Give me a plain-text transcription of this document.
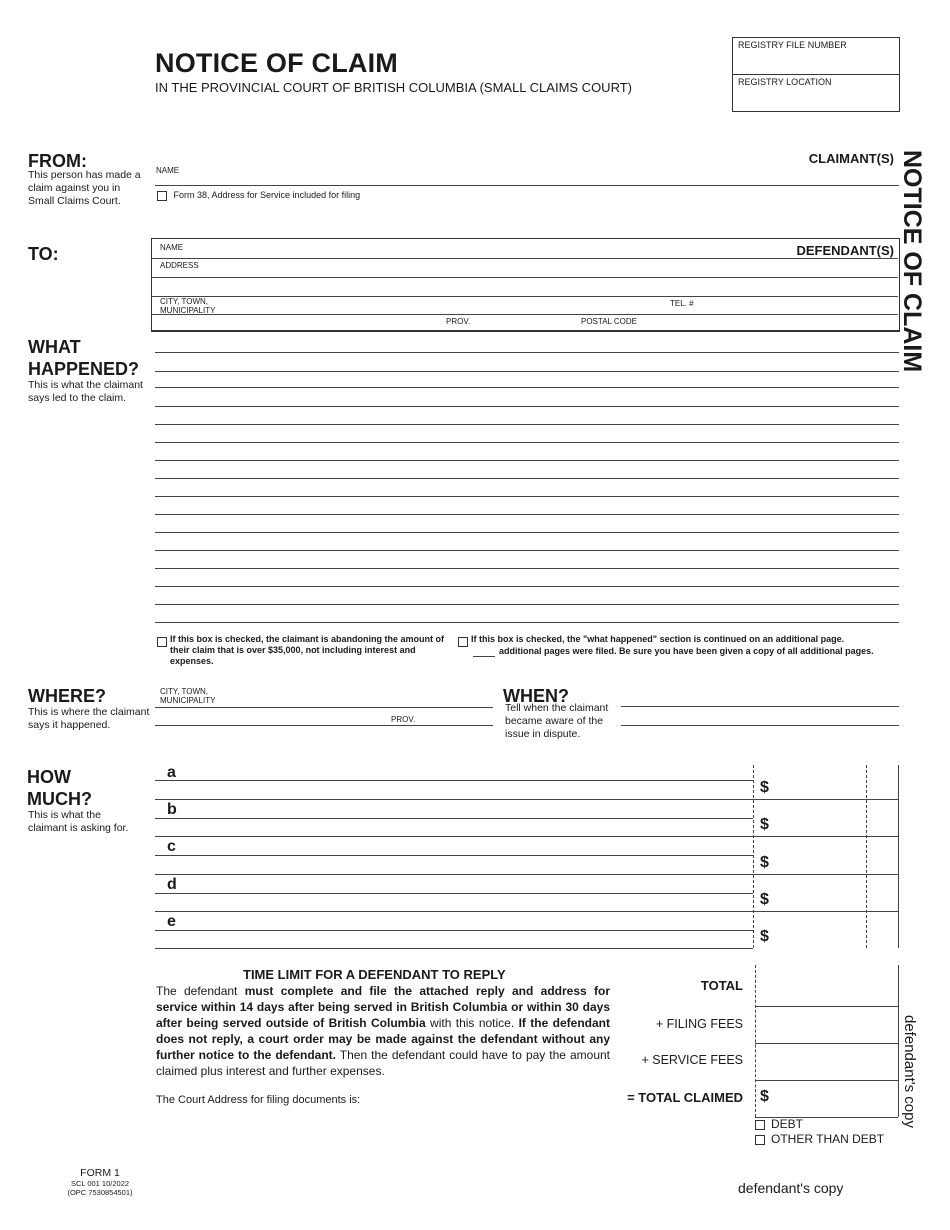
NOTICE OF CLAIM
IN THE PROVINCIAL COURT OF BRITISH COLUMBIA (SMALL CLAIMS COURT)
REGISTRY FILE NUMBER
REGISTRY LOCATION
NOTICE OF CLAIM
defendant's copy
FROM:
This person has made a claim against you in Small Claims Court.
NAME
CLAIMANT(S)
Form 38, Address for Service included for filing
TO:	NAME	DEFENDANT(S)
ADDRESS
CITY, TOWN, MUNICIPALITY
TEL. #
PROV.	POSTAL CODE
WHAT HAPPENED?
This is what the claimant says led to the claim.
If this box is checked, the claimant is abandoning the amount of their claim that is over $35,000, not including interest and expenses.
If this box is checked, the "what happened" section is continued on an additional page.
additional pages were filed. Be sure you have been given a copy of all additional pages.
WHERE?
This is where the claimant says it happened.
CITY, TOWN, MUNICIPALITY
PROV.
WHEN?
Tell when the claimant became aware of the issue in dispute.
HOW MUCH?
This is what the claimant is asking for.
a
$
b
$
c
$
d
$
e
$
TIME LIMIT FOR A DEFENDANT TO REPLY
The defendant must complete and file the attached reply and address for service within 14 days after being served in British Columbia or within 30 days after being served outside of British Columbia with this notice. If the defendant does not reply, a court order may be made against the defendant without any further notice to the defendant. Then the defendant could have to pay the amount claimed plus interest and further expenses.
The Court Address for filing documents is:
TOTAL
+ FILING FEES
+ SERVICE FEES
= TOTAL CLAIMED $
DEBT
OTHER THAN DEBT
FORM 1
SCL 001 10/2022
(OPC 7530854501)	defendant's copy
